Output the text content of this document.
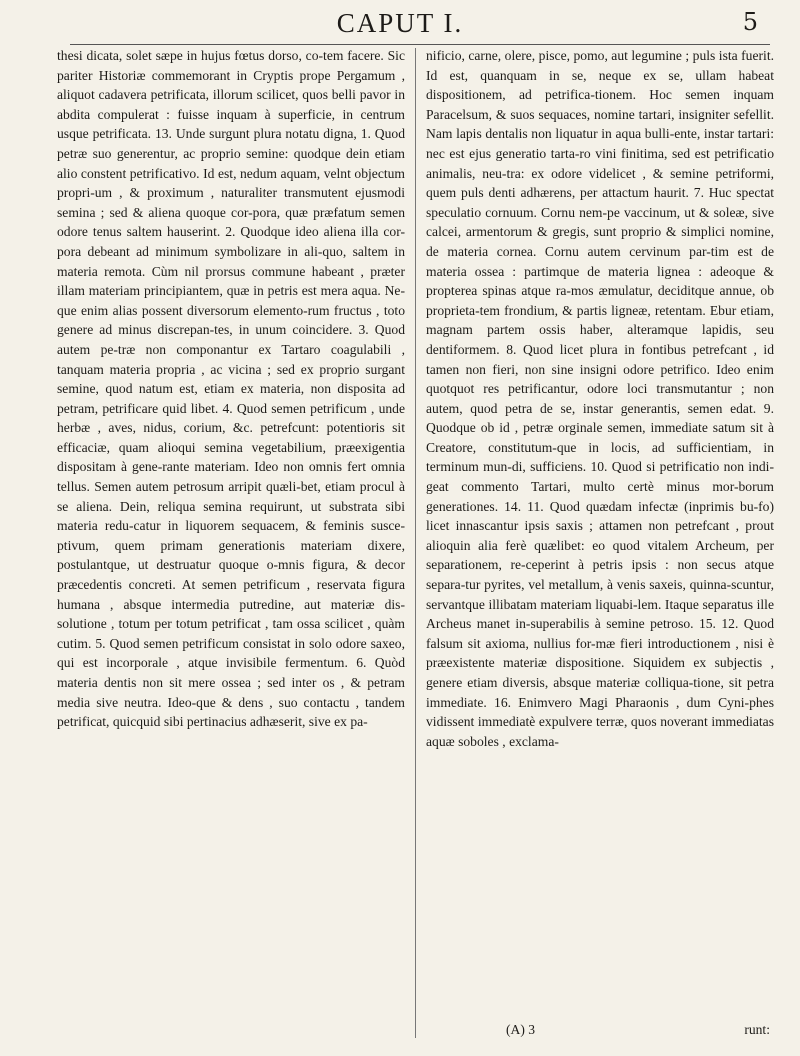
CAPUT I.	5

thesi dicata, solet sæpe in hujus fœtus dorso, co-tem facere. Sic pariter Historiæ commemorant in Cryptis prope Pergamum , aliquot cadavera petrificata, illorum scilicet, quos belli pavor in abdita compulerat : fuisse inquam à superficie, in centrum usque petrificata. 13. Unde surgunt plura notatu digna, 1. Quod petræ suo generentur, ac proprio semine: quodque dein etiam alio constent petrificativo. Id est, nedum aquam, velnt objectum propri-um , & proximum , naturaliter transmutent ejusmodi semina ; sed & aliena quoque cor-pora, quæ præfatum semen odore tenus saltem hauserint. 2. Quodque ideo aliena illa cor-pora debeant ad minimum symbolizare in ali-quo, saltem in materia remota. Cùm nil prorsus commune habeant , præter illam materiam principiantem, quæ in petris est mera aqua. Ne-que enim alias possent diversorum elemento-rum fructus , toto genere ad minus discrepan-tes, in unum coincidere. 3. Quod autem pe-træ non componantur ex Tartaro coagulabili , tanquam materia propria , ac vicina ; sed ex proprio surgant semine, quod natum est, etiam ex materia, non disposita ad petram, petrificare quid libet. 4. Quod semen petrificum , unde herbæ , aves, nidus, corium, &c. petrefcunt: potentioris sit efficaciæ, quam alioqui semina vegetabilium, præexigentia dispositam à gene-rante materiam. Ideo non omnis fert omnia tellus. Semen autem petrosum arripit quæli-bet, etiam procul à se aliena. Dein, reliqua semina requirunt, ut substrata sibi materia redu-catur in liquorem sequacem, & feminis susce-ptivum, quem primam generationis materiam dixere, postulantque, ut destruatur quoque o-mnis figura, & decor præcedentis concreti. At semen petrificum , reservata figura humana , absque intermedia putredine, aut materiæ dis-solutione , totum per totum petrificat , tam ossa scilicet , quàm cutim. 5. Quod semen petrificum consistat in solo odore saxeo, qui est incorporale , atque invisibile fermentum. 6. Quòd materia dentis non sit mere ossea ; sed inter os , & petram media sive neutra. Ideo-que & dens , suo contactu , tandem petrificat, quicquid sibi pertinacius adhæserit, sive ex pa-

nificio, carne, olere, pisce, pomo, aut legumine ; puls ista fuerit. Id est, quanquam in se, neque ex se, ullam habeat dispositionem, ad petrifica-tionem. Hoc semen inquam Paracelsum, & suos sequaces, nomine tartari, insigniter sefellit. Nam lapis dentalis non liquatur in aqua bulli-ente, instar tartari: nec est ejus generatio tarta-ro vini finitima, sed est petrificatio animalis, neu-tra: ex odore videlicet , & semine petriformi, quem puls denti adhærens, per attactum haurit. 7. Huc spectat speculatio cornuum. Cornu nem-pe vaccinum, ut & soleæ, sive calcei, armentorum & gregis, sunt proprio & simplici nomine, de materia cornea. Cornu autem cervinum par-tim est de materia ossea : partimque de materia lignea : adeoque & propterea spinas atque ra-mos æmulatur, deciditque annue, ob proprieta-tem frondium, & partis ligneæ, retentam. Ebur etiam, magnam partem ossis haber, alteramque lapidis, seu dentiformem. 8. Quod licet plura in fontibus petrefcant , id tamen non fieri, non sine insigni odore petrifico. Ideo enim quotquot res petrificantur, odore loci transmutantur ; non autem, quod petra de se, instar generantis, semen edat. 9. Quodque ob id , petræ orginale semen, immediate satum sit à Creatore, constitutum-que in locis, ad sufficientiam, in terminum mun-di, sufficiens. 10. Quod si petrificatio non indi-geat commento Tartari, multo certè minus mor-borum generationes. 14. 11. Quod quædam infectæ (inprimis bu-fo) licet innascantur ipsis saxis ; attamen non petrefcant , prout alioquin alia ferè quælibet: eo quod vitalem Archeum, per separationem, re-ceperint à petris ipsis : non secus atque separa-tur pyrites, vel metallum, à venis saxeis, quinna-scuntur, servantque illibatam materiam liquabi-lem. Itaque separatus ille Archeus manet in-superabilis à semine petroso. 15. 12. Quod falsum sit axioma, nullius for-mæ fieri introductionem , nisi è præexistente materiæ dispositione. Siquidem ex subjectis , genere etiam diversis, absque materiæ colliqua-tione, sit petra immediate. 16. Enimvero Magi Pharaonis , dum Cyni-phes vidissent immediatè expulvere terræ, quos noverant immediatas aquæ soboles , exclama-

(A) 3	runt:
